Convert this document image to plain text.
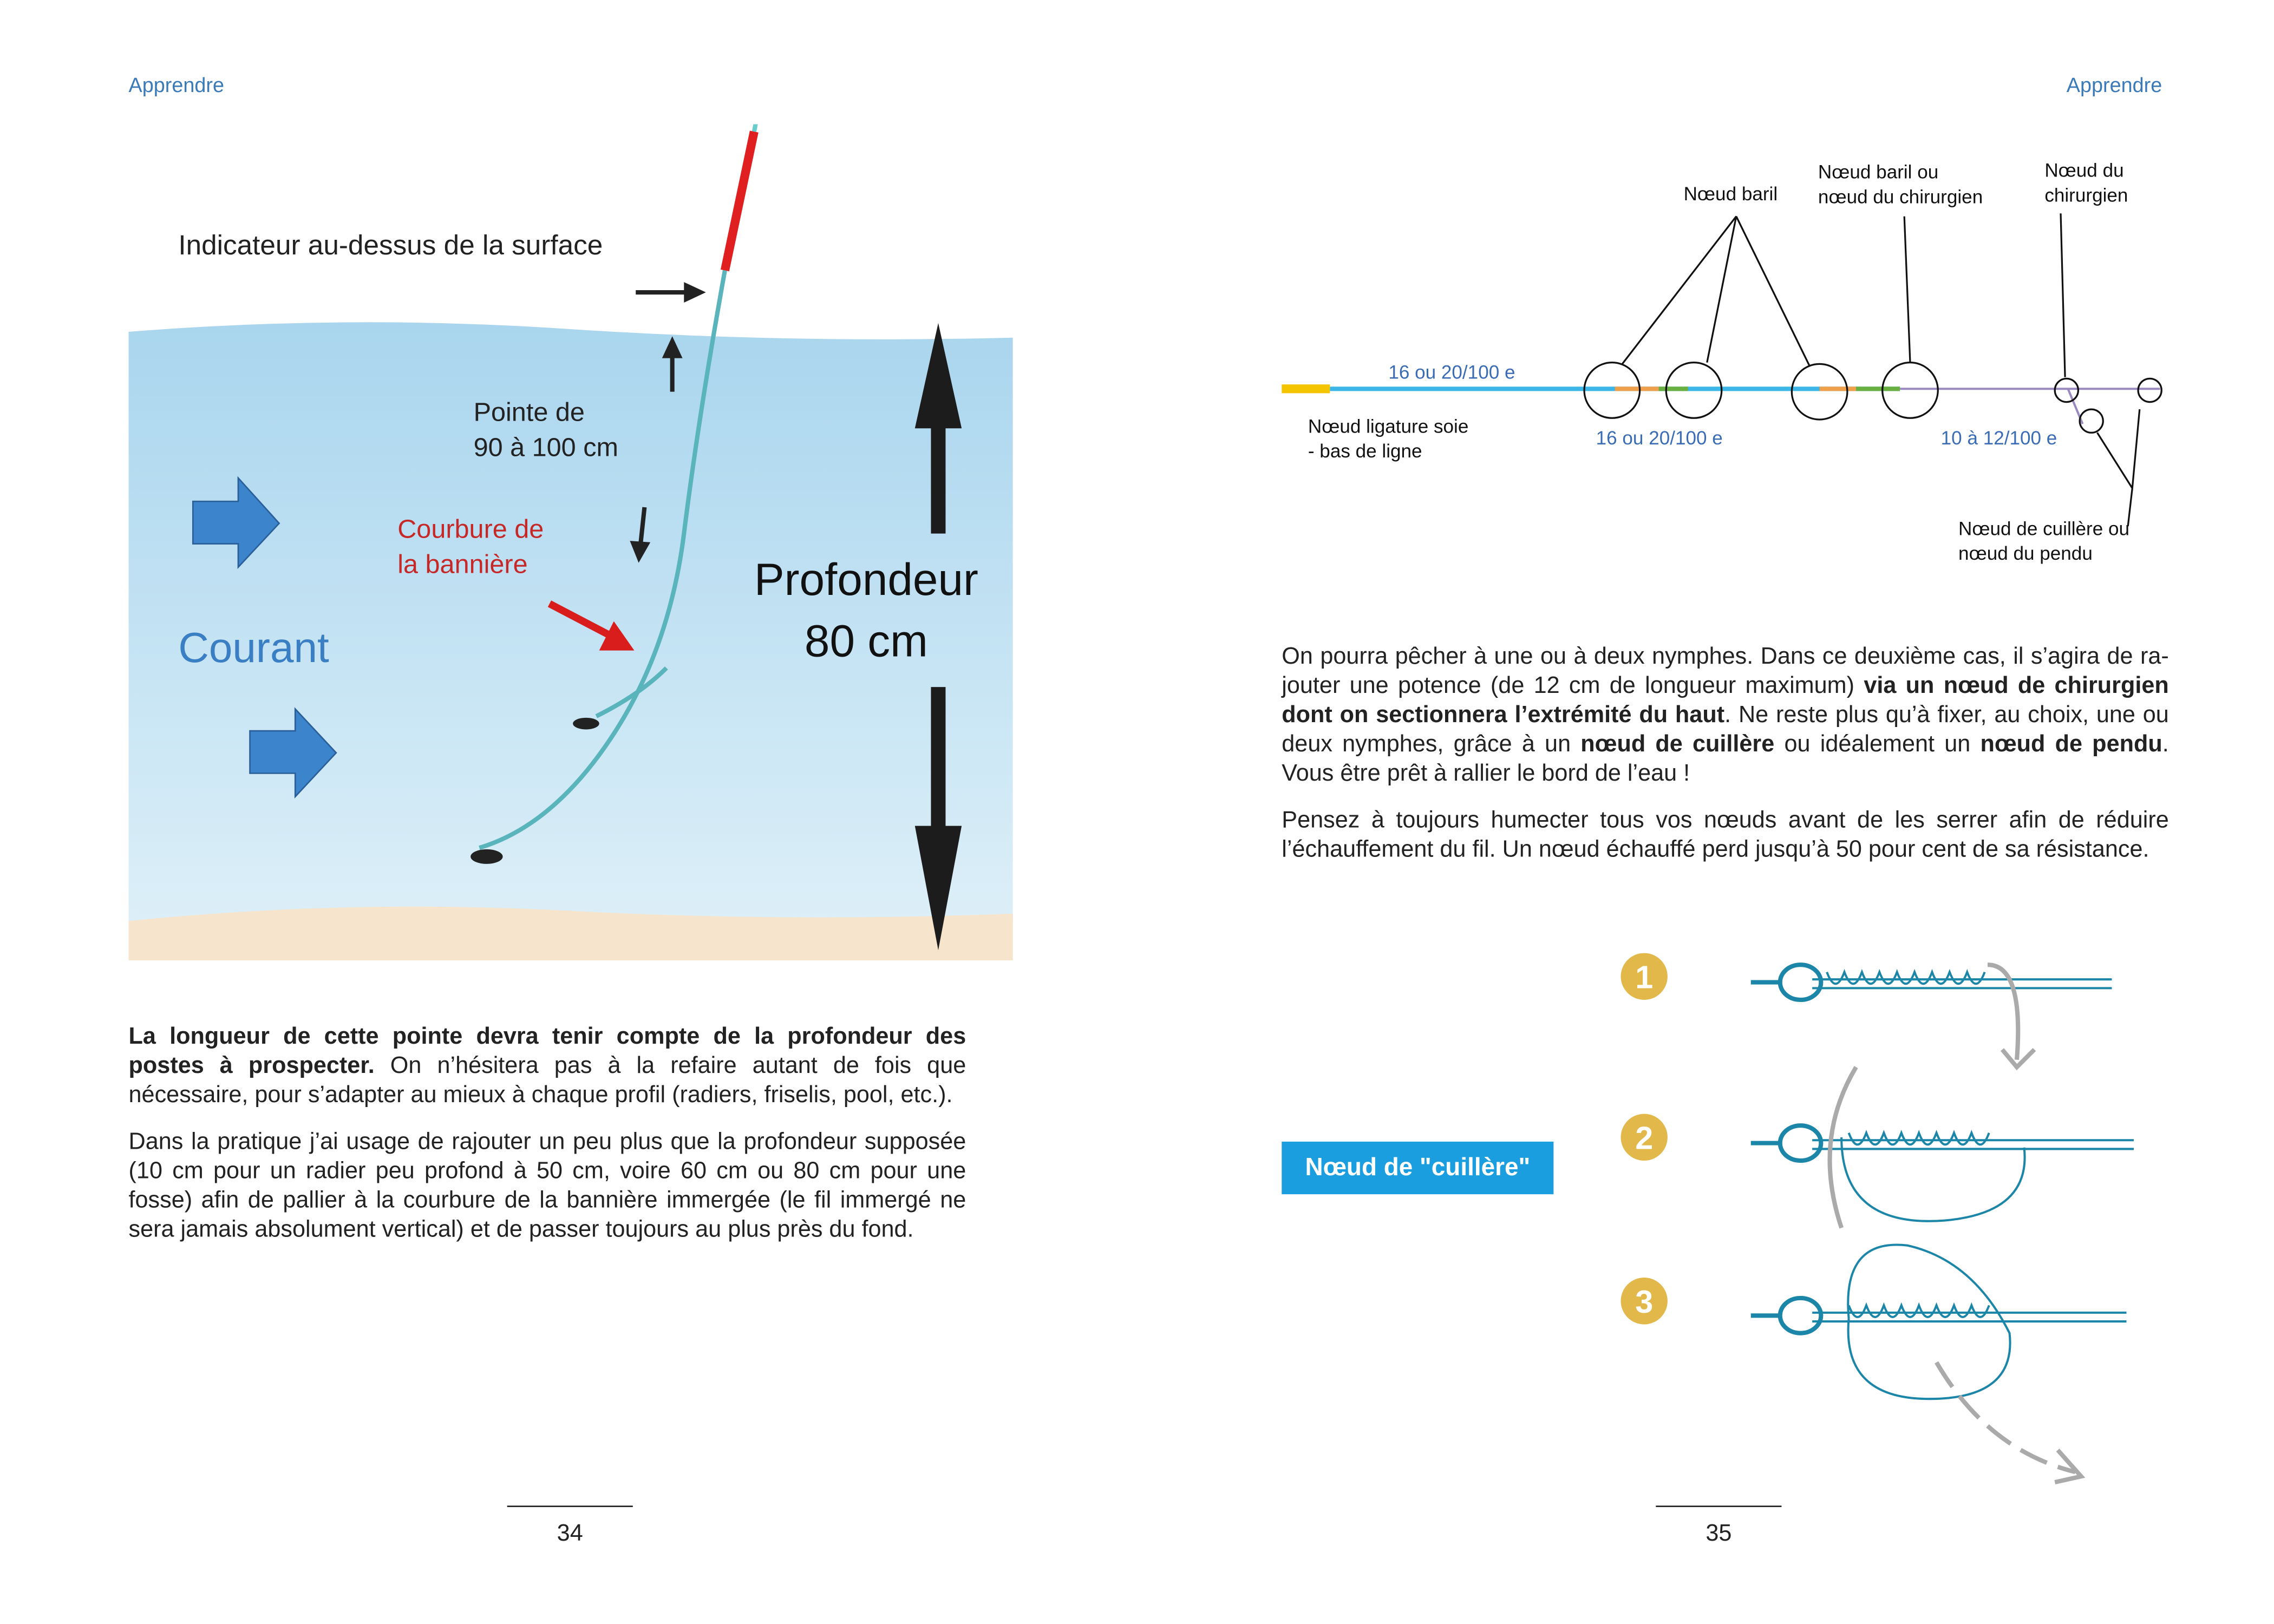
Apprendre
Indicateur au-dessus de la surface
Pointe de
90 à 100 cm
Courbure de
la bannière
Courant
Profondeur
80 cm

La longueur de cette pointe devra tenir compte de la profondeur des postes à prospecter. On n’hésitera pas à la refaire autant de fois que nécessaire, pour s’adapter au mieux à chaque profil (radiers, friselis, pool, etc.).

Dans la pratique j’ai usage de rajouter un peu plus que la profondeur supposée (10 cm pour un radier peu profond à 50 cm, voire 60 cm ou 80 cm pour une fosse) afin de pallier à la courbure de la bannière immergée (le fil immergé ne sera jamais absolument vertical) et de passer toujours au plus près du fond.

34
Apprendre
Nœud baril
Nœud baril ou
nœud du chirurgien
Nœud du
chirurgien
Nœud ligature soie
- bas de ligne
Nœud de cuillère ou
nœud du pendu
16 ou 20/100 e
16 ou 20/100 e	10 à 12/100 e

On pourra pêcher à une ou à deux nymphes. Dans ce deuxième cas, il s’agira de rajouter une potence (de 12 cm de longueur maximum) via un nœud de chirurgien dont on sectionnera l’extrémité du haut. Ne reste plus qu’à fixer, au choix, une ou deux nymphes, grâce à un nœud de cuillère ou idéalement un nœud de pendu. Vous être prêt à rallier le bord de l’eau !

Pensez à toujours humecter tous vos nœuds avant de les serrer afin de réduire l’échauffement du fil. Un nœud échauffé perd jusqu’à 50 pour cent de sa résistance.

Nœud de "cuillère"
1
2
3
35
